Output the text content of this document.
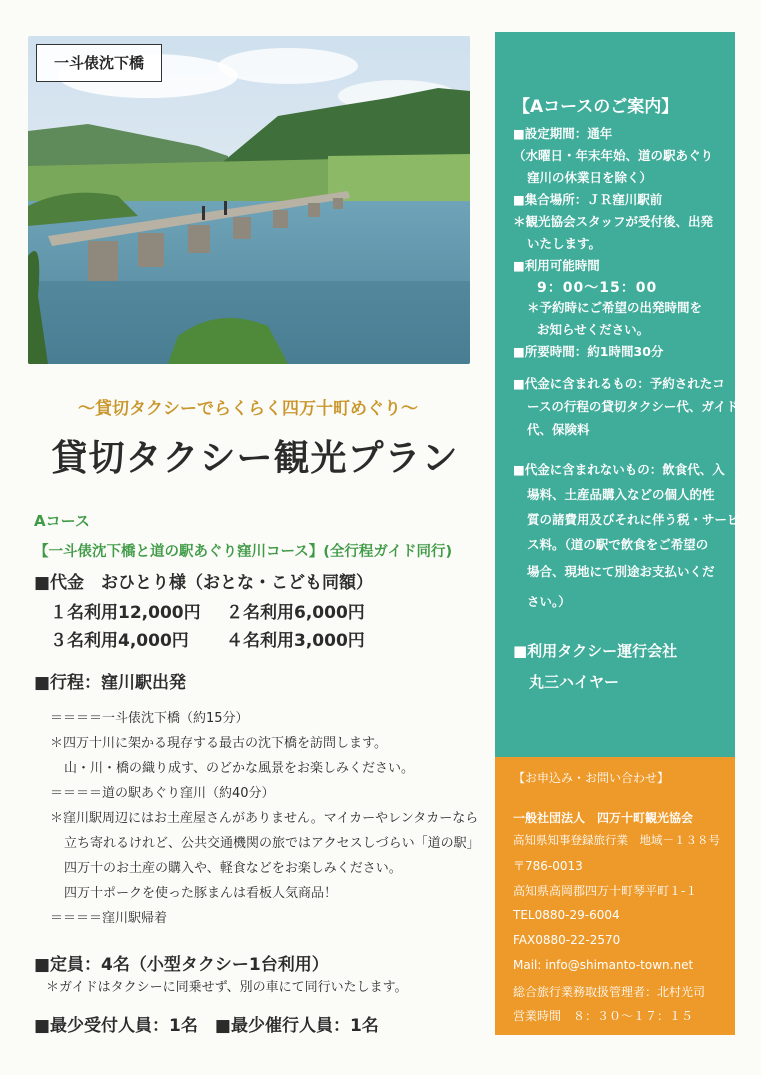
一斗俵沈下橋
〜貸切タクシーでらくらく四万十町めぐり〜
貸切タクシー観光プラン
Aコース
【一斗俵沈下橋と道の駅あぐり窪川コース】(全行程ガイド同行)
■代金　おひとり様（おとな・こども同額）
１名利用12,000円 ２名利用6,000円
３名利用4,000円 ４名利用3,000円
■行程：窪川駅出発
＝＝＝＝一斗俵沈下橋（約15分）
＊四万十川に架かる現存する最古の沈下橋を訪問します。
山・川・橋の織り成す、のどかな風景をお楽しみください。
＝＝＝＝道の駅あぐり窪川（約40分）
＊窪川駅周辺にはお土産屋さんがありません。マイカーやレンタカーなら
立ち寄れるけれど、公共交通機関の旅ではアクセスしづらい「道の駅」
四万十のお土産の購入や、軽食などをお楽しみください。
四万十ポークを使った豚まんは看板人気商品！
＝＝＝＝窪川駅帰着
■定員：4名（小型タクシー1台利用）
＊ガイドはタクシーに同乗せず、別の車にて同行いたします。
■最少受付人員：1名　■最少催行人員：1名
【Aコースのご案内】
■設定期間：通年
（水曜日・年末年始、道の駅あぐり
窪川の休業日を除く）
■集合場所：ＪＲ窪川駅前
＊観光協会スタッフが受付後、出発
いたします。
■利用可能時間
9：00〜15：00
＊予約時にご希望の出発時間を
お知らせください。
■所要時間：約1時間30分
■代金に含まれるもの：予約されたコ
ースの行程の貸切タクシー代、ガイド
代、保険料
■代金に含まれないもの：飲食代、入
場料、土産品購入などの個人的性
質の諸費用及びそれに伴う税・サービ
ス料。（道の駅で飲食をご希望の
場合、現地にて別途お支払いくだ
さい。）
■利用タクシー運行会社
丸三ハイヤー
【お申込み・お問い合わせ】
一般社団法人　四万十町観光協会
高知県知事登録旅行業　地域－１３８号
〒786-0013
高知県高岡郡四万十町琴平町１-１
TEL0880-29-6004
FAX0880-22-2570
Mail: info@shimanto-town.net
総合旅行業務取扱管理者：北村光司
営業時間　８：３０〜１７：１５
